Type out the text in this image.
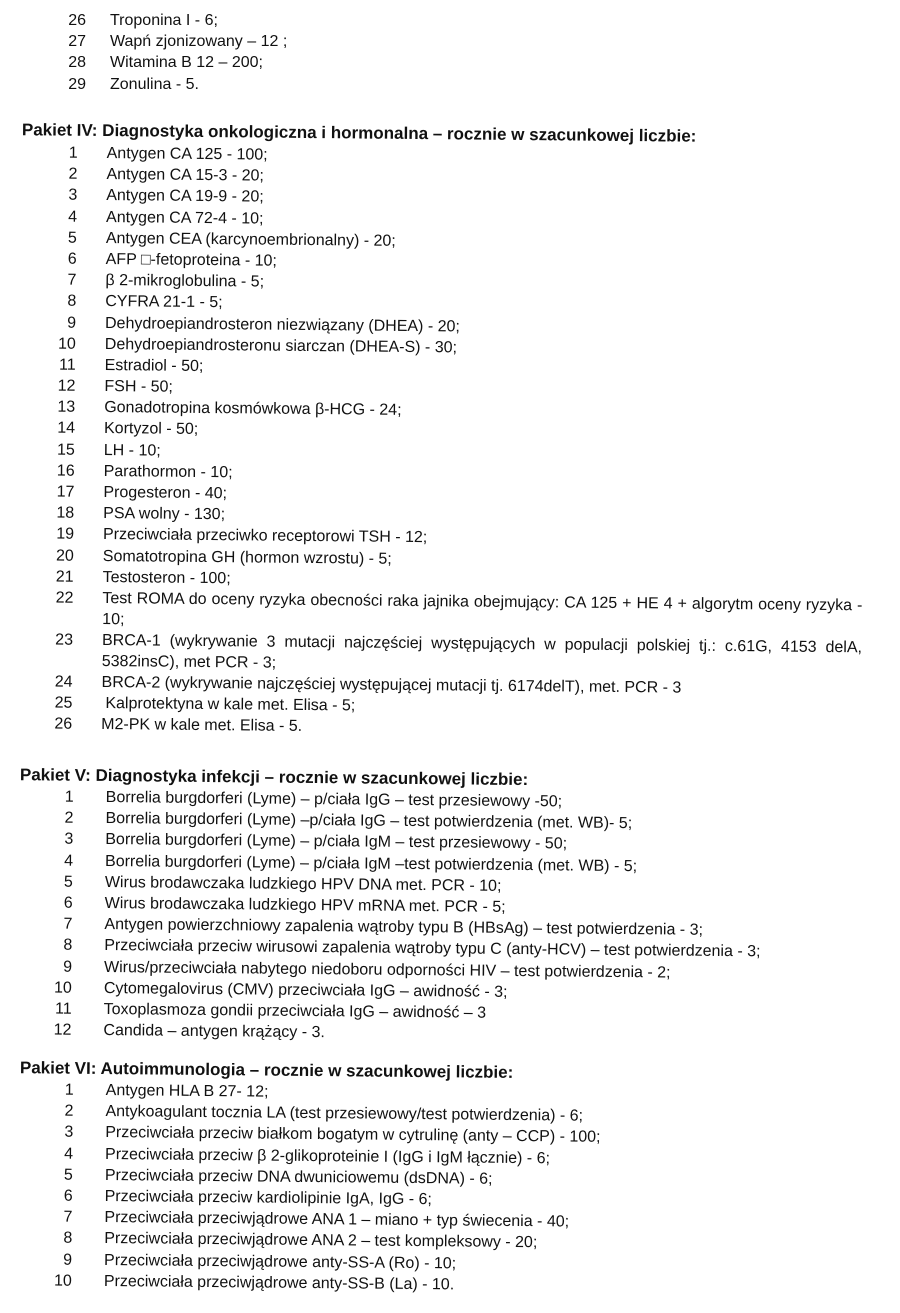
26 Troponina I - 6;
27 Wapń zjonizowany – 12 ;
28 Witamina B 12 – 200;
29 Zonulina - 5.
Pakiet IV: Diagnostyka onkologiczna i hormonalna – rocznie w szacunkowej liczbie:
1 Antygen CA 125 - 100;
2 Antygen CA 15-3 - 20;
3 Antygen CA 19-9 - 20;
4 Antygen CA 72-4 - 10;
5 Antygen CEA (karcynoembrionalny) - 20;
6 AFP □-fetoproteina - 10;
7 β 2-mikroglobulina - 5;
8 CYFRA 21-1 - 5;
9 Dehydroepiandrosteron niezwiązany (DHEA) - 20;
10 Dehydroepiandrosteronu siarczan (DHEA-S) - 30;
11 Estradiol - 50;
12 FSH - 50;
13 Gonadotropina kosmówkowa β-HCG - 24;
14 Kortyzol - 50;
15 LH - 10;
16 Parathormon - 10;
17 Progesteron - 40;
18 PSA wolny - 130;
19 Przeciwciała przeciwko receptorowi TSH - 12;
20 Somatotropina GH (hormon wzrostu) - 5;
21 Testosteron - 100;
22 Test ROMA do oceny ryzyka obecności raka jajnika obejmujący: CA 125 + HE 4 + algorytm oceny ryzyka - 10;
23 BRCA-1 (wykrywanie 3 mutacji najczęściej występujących w populacji polskiej tj.: c.61G, 4153 delA, 5382insC), met PCR - 3;
24 BRCA-2 (wykrywanie najczęściej występującej mutacji tj. 6174delT), met. PCR - 3
25 Kalprotektyna w kale met. Elisa - 5;
26 M2-PK w kale met. Elisa - 5.
Pakiet V: Diagnostyka infekcji – rocznie w szacunkowej liczbie:
1 Borrelia burgdorferi (Lyme) – p/ciała IgG – test przesiewowy -50;
2 Borrelia burgdorferi (Lyme) –p/ciała IgG – test potwierdzenia (met. WB)- 5;
3 Borrelia burgdorferi (Lyme) – p/ciała IgM – test przesiewowy - 50;
4 Borrelia burgdorferi (Lyme) – p/ciała IgM –test potwierdzenia (met. WB) - 5;
5 Wirus brodawczaka ludzkiego HPV DNA met. PCR - 10;
6 Wirus brodawczaka ludzkiego HPV mRNA met. PCR - 5;
7 Antygen powierzchniowy zapalenia wątroby typu B (HBsAg) – test potwierdzenia - 3;
8 Przeciwciała przeciw wirusowi zapalenia wątroby typu C (anty-HCV) – test potwierdzenia - 3;
9 Wirus/przeciwciała nabytego niedoboru odporności HIV – test potwierdzenia - 2;
10 Cytomegalovirus (CMV) przeciwciała IgG – awidność - 3;
11 Toxoplasmoza gondii przeciwciała IgG – awidność – 3
12 Candida – antygen krążący - 3.
Pakiet VI: Autoimmunologia – rocznie w szacunkowej liczbie:
1 Antygen HLA B 27- 12;
2 Antykoagulant tocznia LA (test przesiewowy/test potwierdzenia) - 6;
3 Przeciwciała przeciw białkom bogatym w cytrulinę (anty – CCP) - 100;
4 Przeciwciała przeciw β 2-glikoproteinie I (IgG i IgM łącznie) - 6;
5 Przeciwciała przeciw DNA dwuniciowemu (dsDNA) - 6;
6 Przeciwciała przeciw kardiolipinie IgA, IgG - 6;
7 Przeciwciała przeciwjądrowe ANA 1 – miano + typ świecenia - 40;
8 Przeciwciała przeciwjądrowe ANA 2 – test kompleksowy - 20;
9 Przeciwciała przeciwjądrowe anty-SS-A (Ro) - 10;
10 Przeciwciała przeciwjądrowe anty-SS-B (La) - 10.
